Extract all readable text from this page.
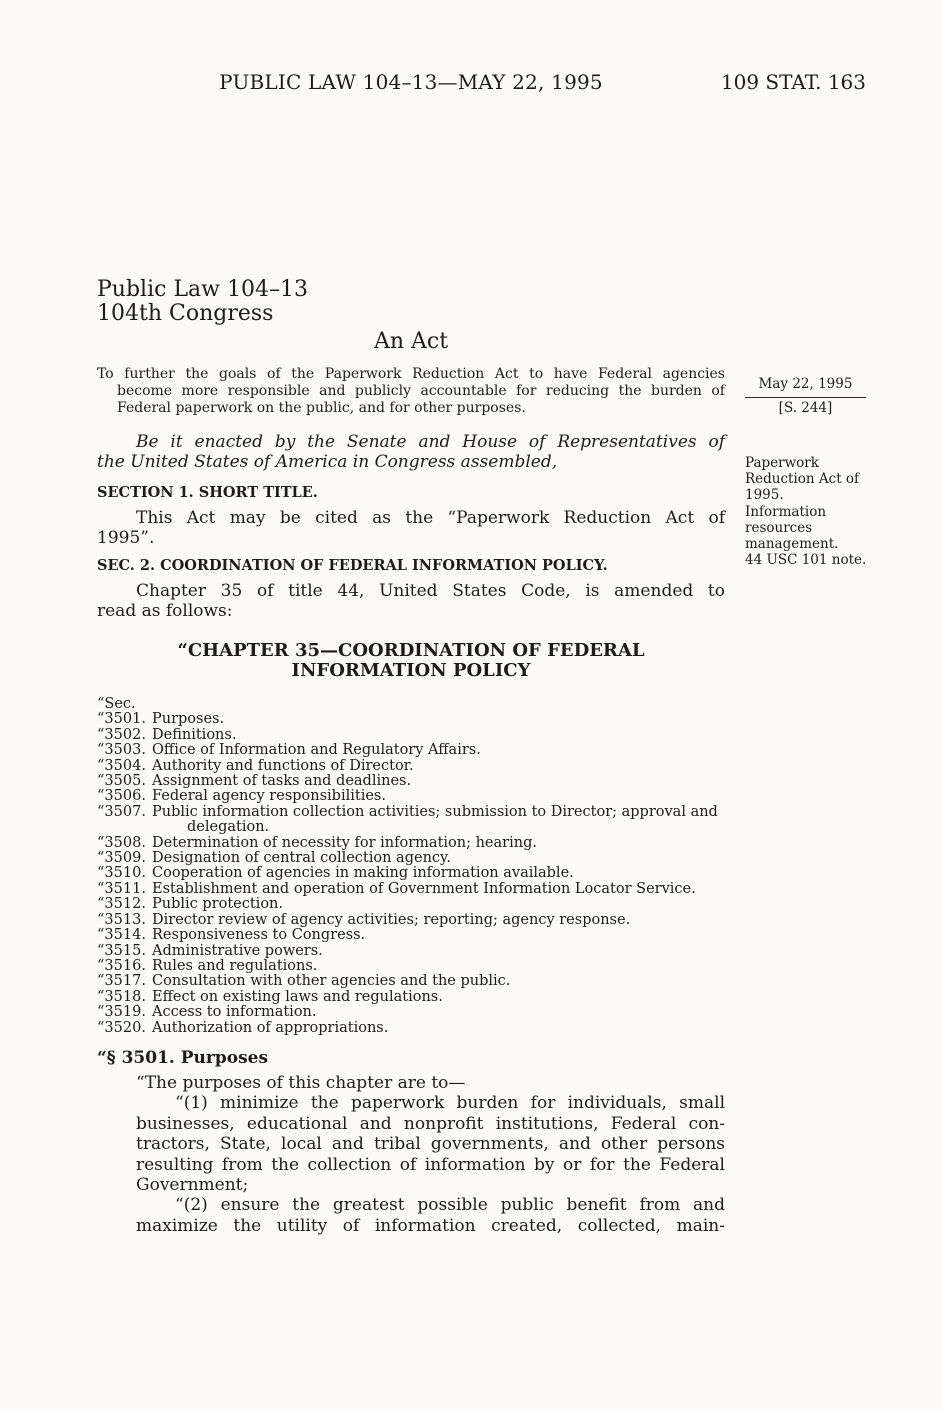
PUBLIC LAW 104–13—MAY 22, 1995	109 STAT. 163
Public Law 104–13
104th Congress
An Act
To further the goals of the Paperwork Reduction Act to have Federal agencies
become more responsible and publicly accountable for reducing the burden of
Federal paperwork on the public, and for other purposes.
May 22, 1995
[S. 244]
Paperwork
Reduction Act of
1995.
Information
resources
management.
44 USC 101 note.
Be it enacted by the Senate and House of Representatives of
the United States of America in Congress assembled,
SECTION 1. SHORT TITLE.
This Act may be cited as the “Paperwork Reduction Act of
1995”.
SEC. 2. COORDINATION OF FEDERAL INFORMATION POLICY.
Chapter 35 of title 44, United States Code, is amended to
read as follows:
“CHAPTER 35—COORDINATION OF FEDERAL
INFORMATION POLICY
“Sec.
“3501. Purposes.
“3502. Definitions.
“3503. Office of Information and Regulatory Affairs.
“3504. Authority and functions of Director.
“3505. Assignment of tasks and deadlines.
“3506. Federal agency responsibilities.
“3507. Public information collection activities; submission to Director; approval and
delegation.
“3508. Determination of necessity for information; hearing.
“3509. Designation of central collection agency.
“3510. Cooperation of agencies in making information available.
“3511. Establishment and operation of Government Information Locator Service.
“3512. Public protection.
“3513. Director review of agency activities; reporting; agency response.
“3514. Responsiveness to Congress.
“3515. Administrative powers.
“3516. Rules and regulations.
“3517. Consultation with other agencies and the public.
“3518. Effect on existing laws and regulations.
“3519. Access to information.
“3520. Authorization of appropriations.
“§ 3501. Purposes
“The purposes of this chapter are to—
“(1) minimize the paperwork burden for individuals, small
businesses, educational and nonprofit institutions, Federal con-
tractors, State, local and tribal governments, and other persons
resulting from the collection of information by or for the Federal
Government;
“(2) ensure the greatest possible public benefit from and
maximize the utility of information created, collected, main-
